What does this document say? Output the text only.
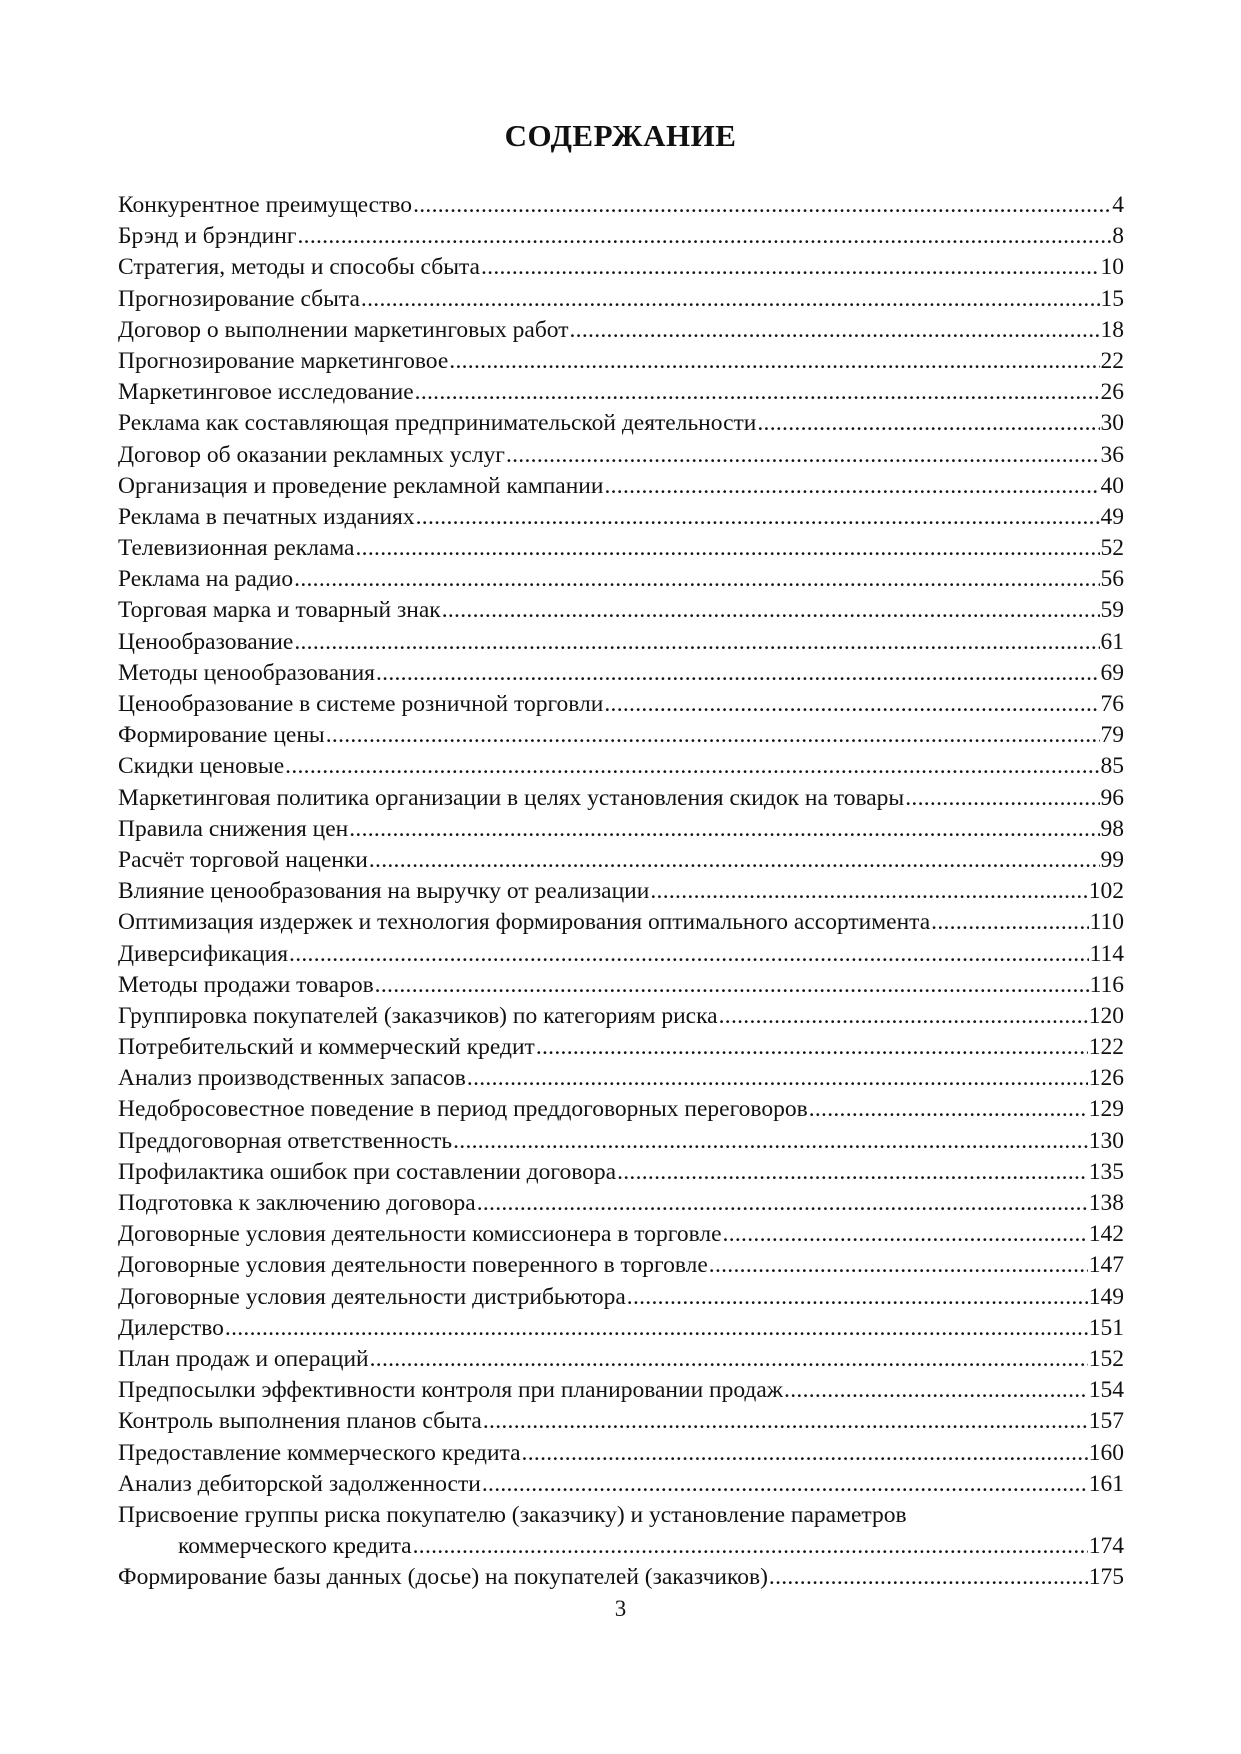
СОДЕРЖАНИЕ
Конкурентное преимущество .....	4
Брэнд и брэндинг .....	8
Стратегия, методы и способы сбыта .....	10
Прогнозирование сбыта .....	15
Договор о выполнении маркетинговых работ .....	18
Прогнозирование маркетинговое .....	22
Маркетинговое исследование .....	26
Реклама как составляющая предпринимательской деятельности .....	30
Договор об оказании рекламных услуг .....	36
Организация и проведение рекламной кампании .....	40
Реклама в печатных изданиях .....	49
Телевизионная реклама .....	52
Реклама на радио .....	56
Торговая марка и товарный знак .....	59
Ценообразование .....	61
Методы ценообразования .....	69
Ценообразование в системе розничной торговли .....	76
Формирование цены .....	79
Скидки ценовые .....	85
Маркетинговая политика организации в целях установления скидок на товары .....	96
Правила снижения цен .....	98
Расчёт торговой наценки .....	99
Влияние ценообразования на выручку от реализации .....	102
Оптимизация издержек и технология формирования оптимального ассортимента .....	110
Диверсификация .....	114
Методы продажи товаров .....	116
Группировка покупателей (заказчиков) по категориям риска .....	120
Потребительский и коммерческий кредит .....	122
Анализ производственных запасов .....	126
Недобросовестное поведение в период преддоговорных переговоров .....	129
Преддоговорная ответственность .....	130
Профилактика ошибок при составлении договора .....	135
Подготовка к заключению договора .....	138
Договорные условия деятельности комиссионера в торговле .....	142
Договорные условия деятельности поверенного в торговле .....	147
Договорные условия деятельности дистрибьютора .....	149
Дилерство .....	151
План продаж и операций .....	152
Предпосылки эффективности контроля при планировании продаж .....	154
Контроль выполнения планов сбыта .....	157
Предоставление коммерческого кредита .....	160
Анализ дебиторской задолженности .....	161
Присвоение группы риска покупателю (заказчику) и установление параметров
коммерческого кредита .....	174
Формирование базы данных (досье) на покупателей (заказчиков) .....	175
3
